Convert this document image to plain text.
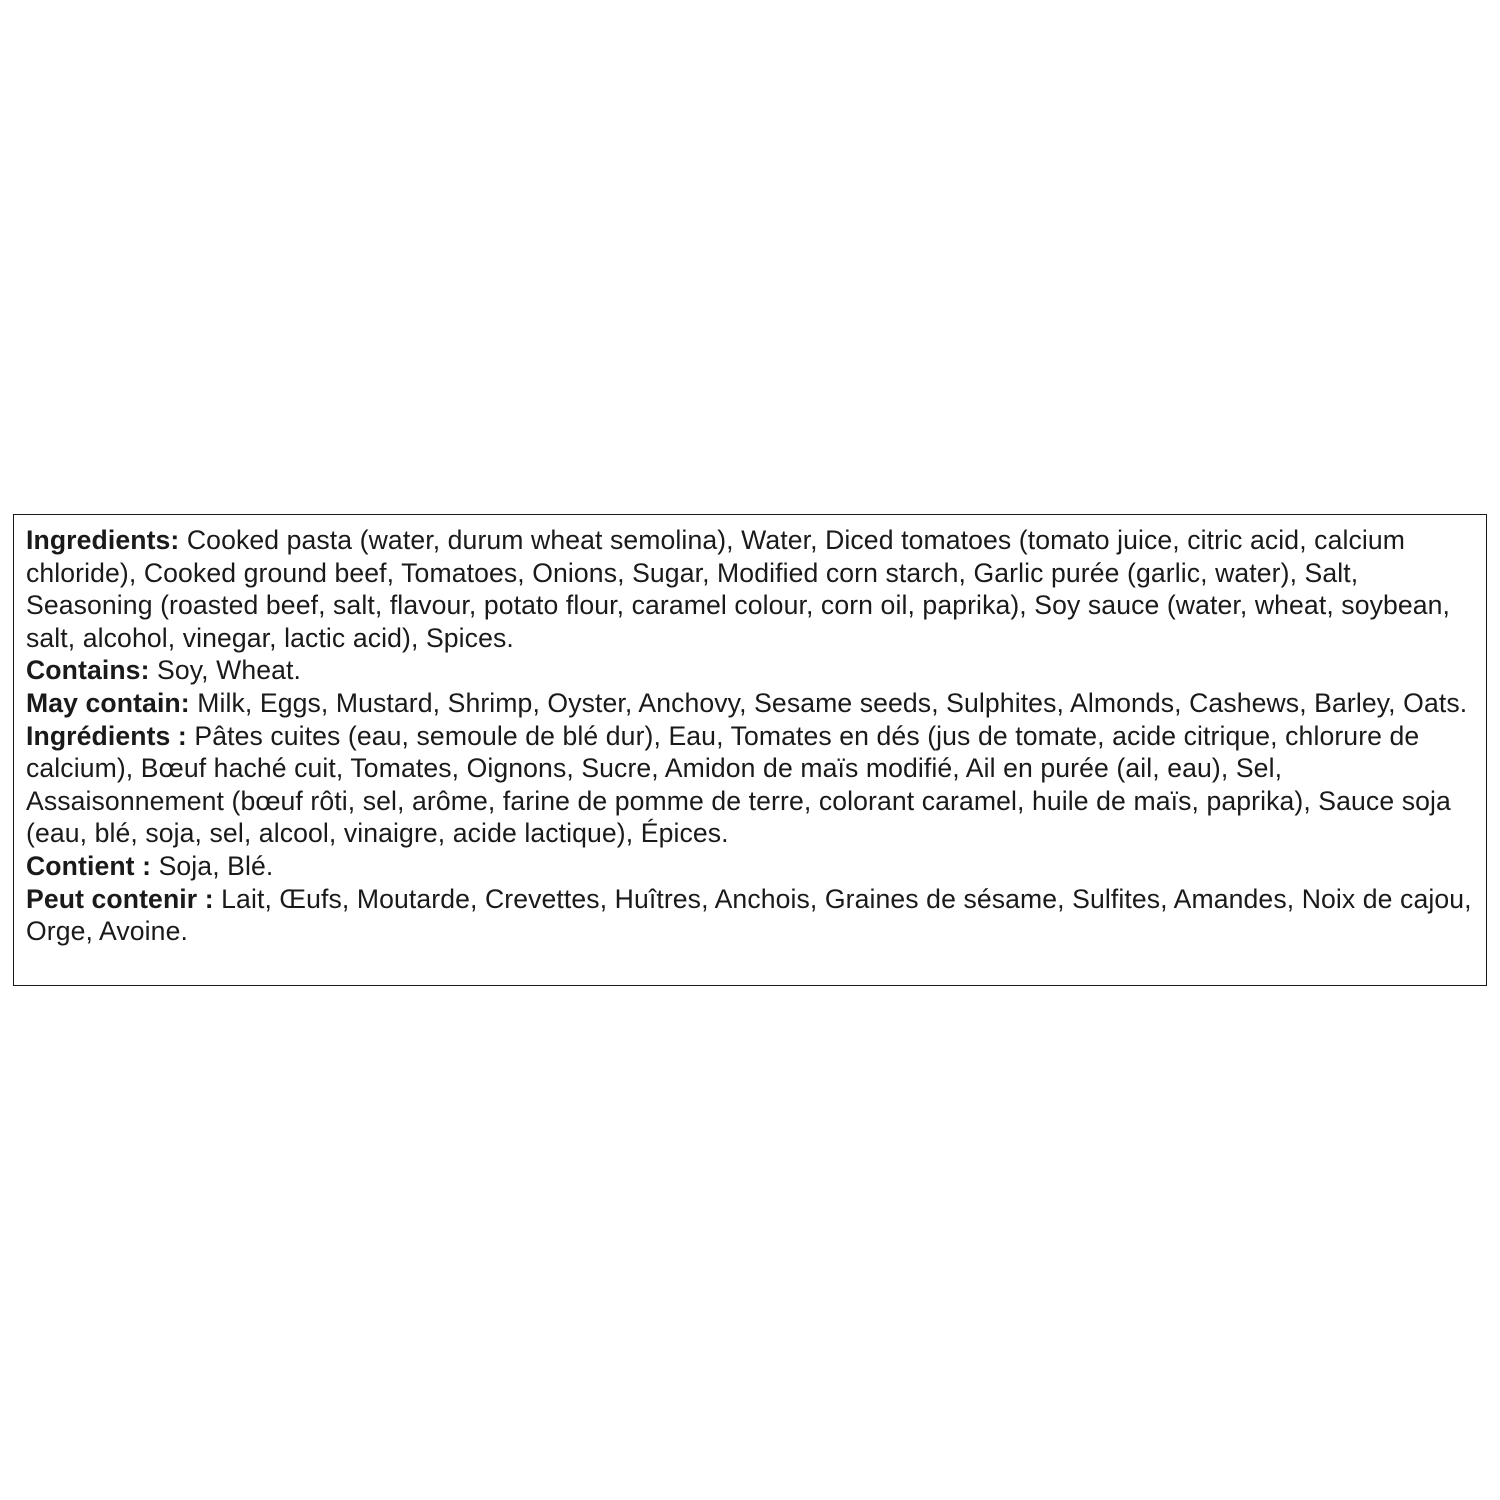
Ingredients: Cooked pasta (water, durum wheat semolina), Water, Diced tomatoes (tomato juice, citric acid, calcium chloride), Cooked ground beef, Tomatoes, Onions, Sugar, Modified corn starch, Garlic purée (garlic, water), Salt, Seasoning (roasted beef, salt, flavour, potato flour, caramel colour, corn oil, paprika), Soy sauce (water, wheat, soybean, salt, alcohol, vinegar, lactic acid), Spices.

Contains: Soy, Wheat.

May contain: Milk, Eggs, Mustard, Shrimp, Oyster, Anchovy, Sesame seeds, Sulphites, Almonds, Cashews, Barley, Oats.

Ingrédients : Pâtes cuites (eau, semoule de blé dur), Eau, Tomates en dés (jus de tomate, acide citrique, chlorure de calcium), Bœuf haché cuit, Tomates, Oignons, Sucre, Amidon de maïs modifié, Ail en purée (ail, eau), Sel, Assaisonnement (bœuf rôti, sel, arôme, farine de pomme de terre, colorant caramel, huile de maïs, paprika), Sauce soja (eau, blé, soja, sel, alcool, vinaigre, acide lactique), Épices.

Contient : Soja, Blé.

Peut contenir : Lait, Œufs, Moutarde, Crevettes, Huîtres, Anchois, Graines de sésame, Sulfites, Amandes, Noix de cajou, Orge, Avoine.
